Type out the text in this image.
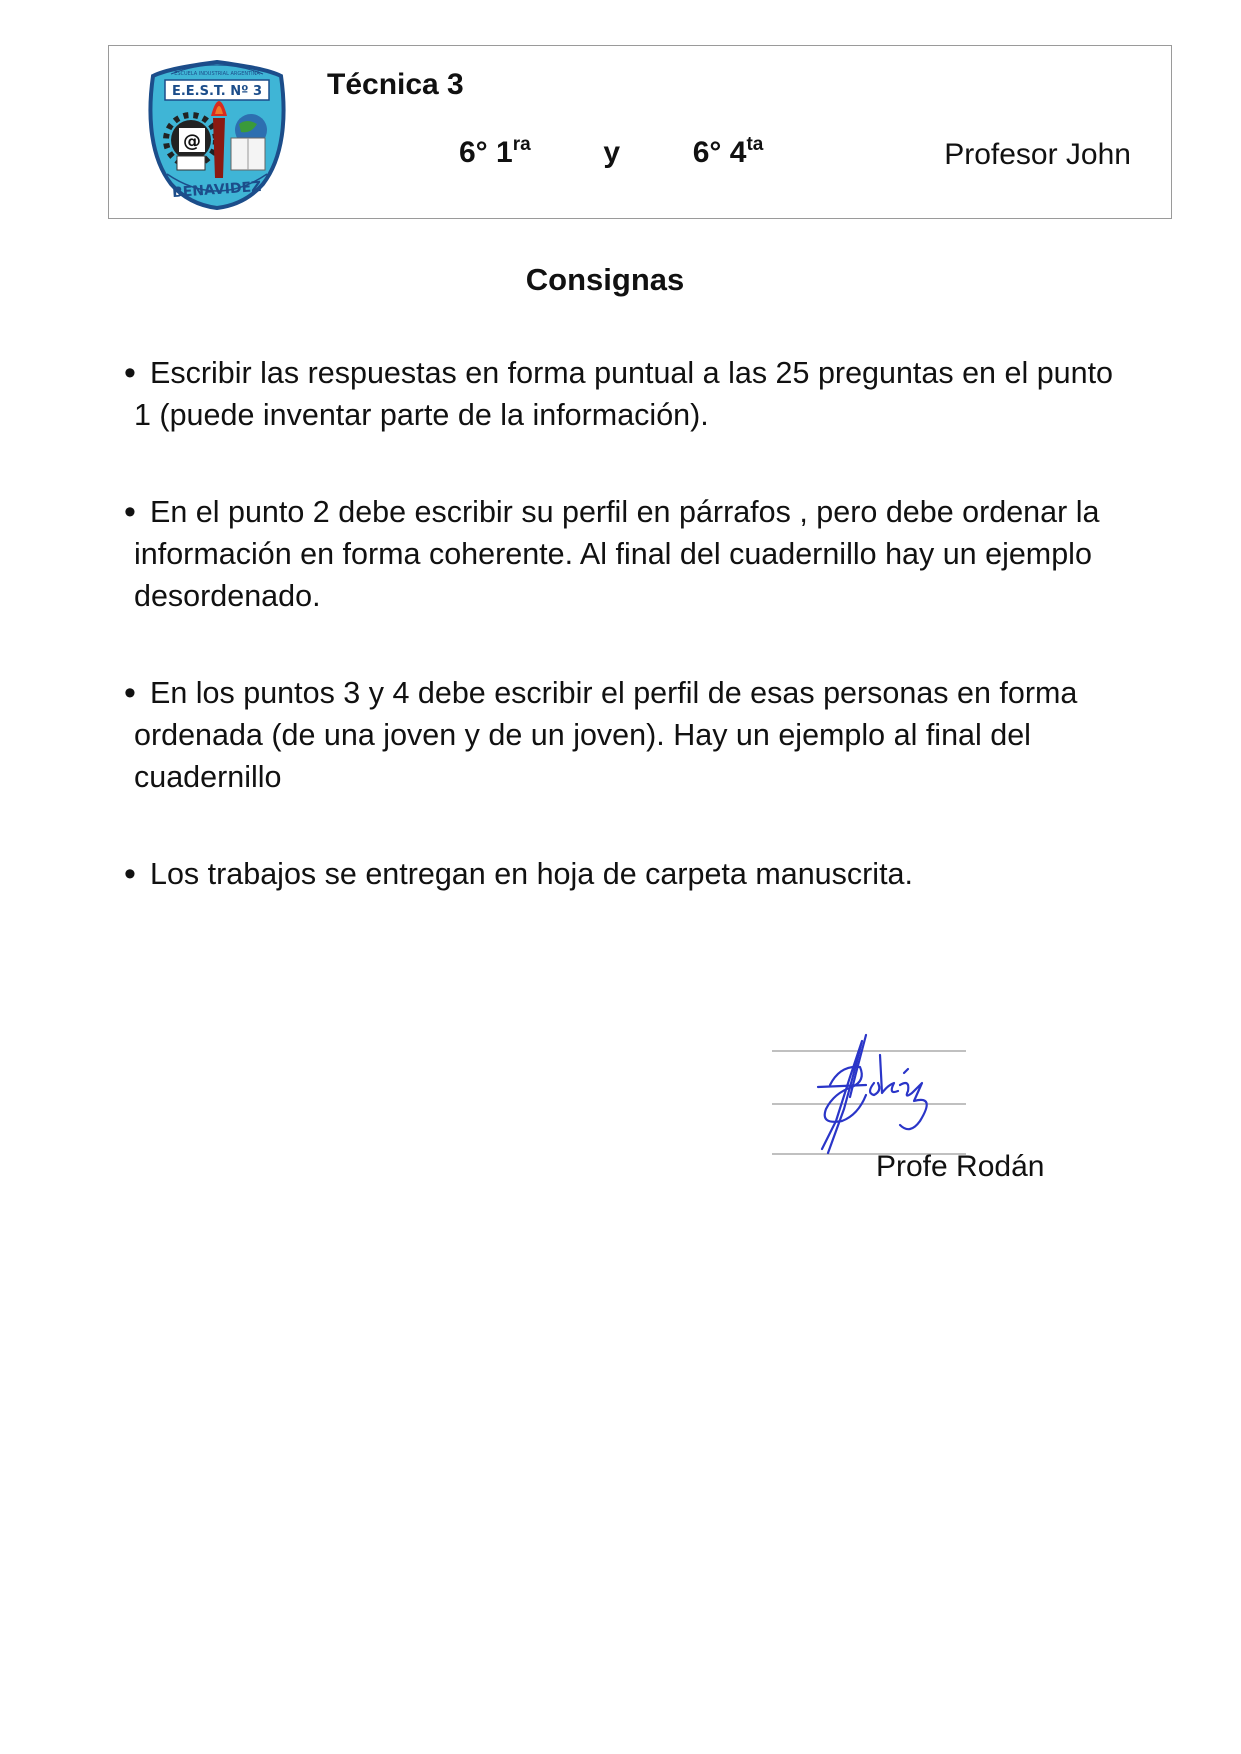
ESCUELA INDUSTRIAL ARGENTINA
E.E.S.T. Nº 3
@
BENAVIDEZ
Técnica 3
6° $1^{ra}$ y 6° $4^{ta}$	Profesor John
Consignas
• Escribir las respuestas en forma puntual a las 25 preguntas en el punto 1 (puede inventar parte de la información).
• En el punto 2 debe escribir su perfil en párrafos , pero debe ordenar la información en forma coherente. Al final del cuadernillo hay un ejemplo desordenado.
• En los puntos 3 y 4 debe escribir el perfil de esas personas en forma ordenada (de una joven y de un joven). Hay un ejemplo al final del cuadernillo
• Los trabajos se entregan en hoja de carpeta manuscrita.
Profe Rodán
